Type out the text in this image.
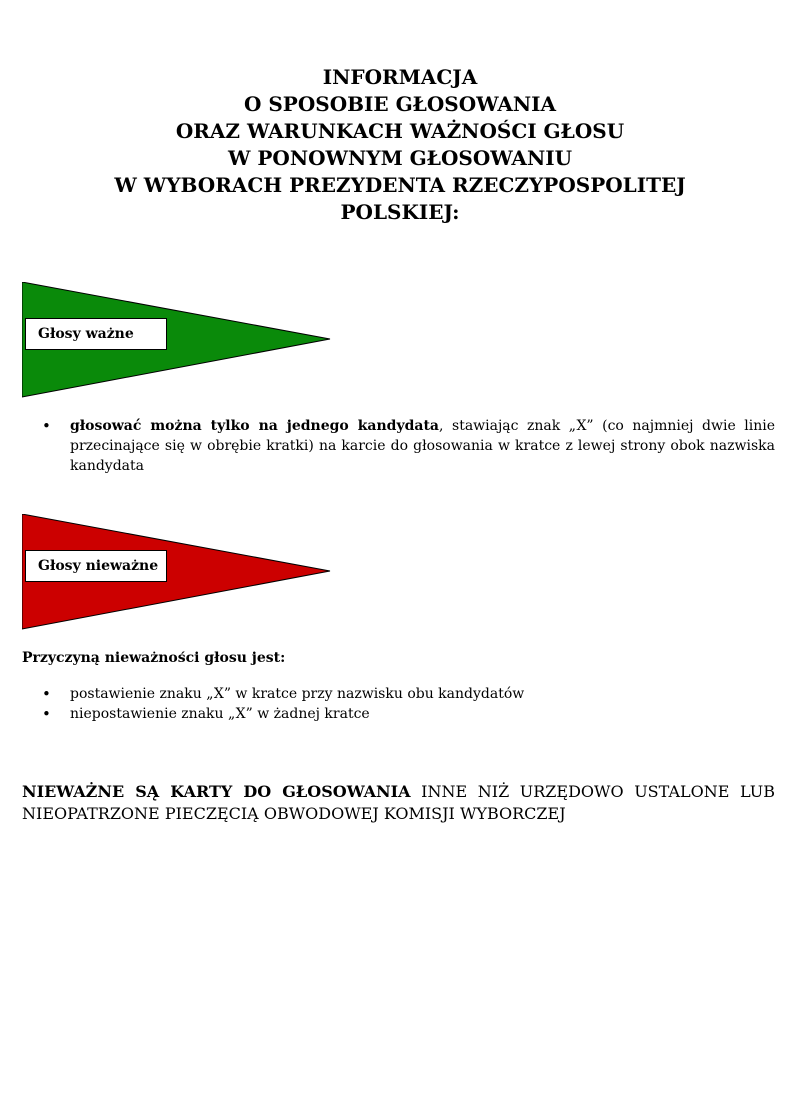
INFORMACJA
O SPOSOBIE GŁOSOWANIA
ORAZ WARUNKACH WAŻNOŚCI GŁOSU
W PONOWNYM GŁOSOWANIU
W WYBORACH PREZYDENTA RZECZYPOSPOLITEJ
POLSKIEJ:
Głosy ważne
• głosować można tylko na jednego kandydata, stawiając znak „X” (co najmniej dwie linie przecinające się w obrębie kratki) na karcie do głosowania w kratce z lewej strony obok nazwiska kandydata
Głosy nieważne
Przyczyną nieważności głosu jest:
• postawienie znaku „X” w kratce przy nazwisku obu kandydatów
• niepostawienie znaku „X” w żadnej kratce
NIEWAŻNE SĄ KARTY DO GŁOSOWANIA INNE NIŻ URZĘDOWO USTALONE LUB NIEOPATRZONE PIECZĘCIĄ OBWODOWEJ KOMISJI WYBORCZEJ
